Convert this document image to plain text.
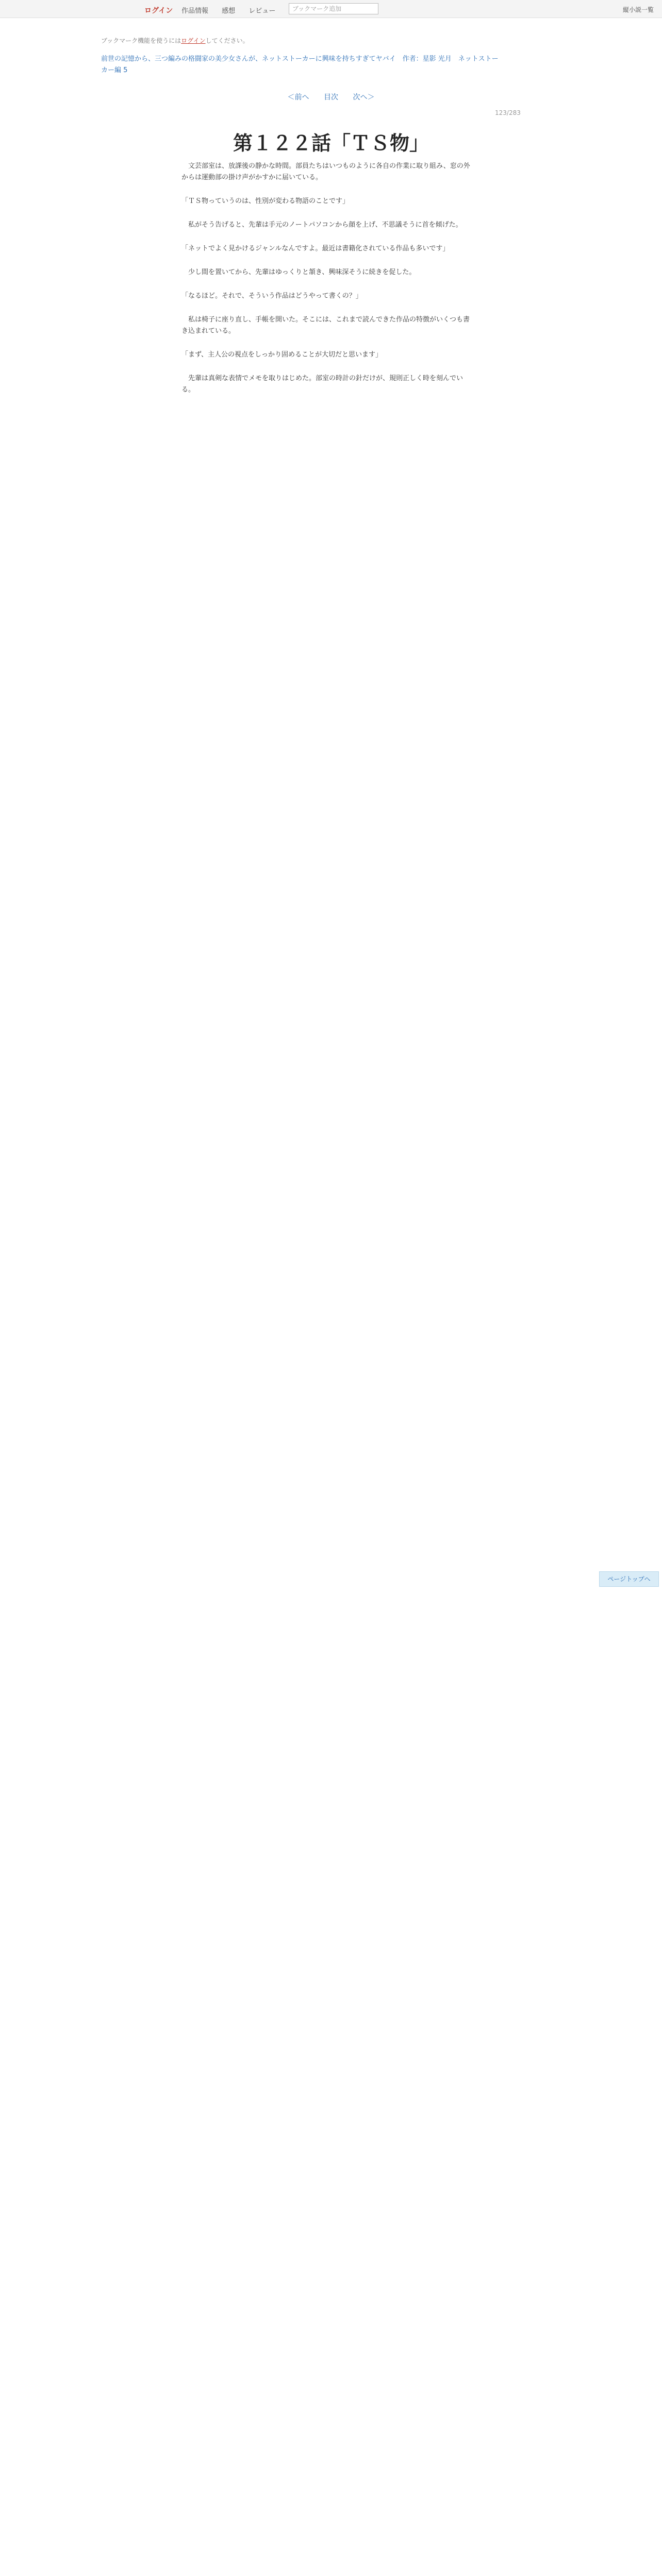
ログイン 作品情報 感想 レビュー	ブックマーク追加	縦小説一覧
ブックマーク機能を使うにはログインしてください。
前世の記憶から、三つ編みの格闘家の美少女さんが、ネットストーカーに興味を持ちすぎてヤバイ　作者：星影 光月　ネットストーカー編 5
＜前へ 目次 次へ＞
123/283
第１２２話「ＴＳ物」

　文芸部室は、放課後の静かな時間。部員たちはいつものように各自の作業に取り組み、窓の外からは運動部の掛け声がかすかに届いている。

「ＴＳ物っていうのは、性別が変わる物語のことです」

　私がそう告げると、先輩は手元のノートパソコンから顔を上げ、不思議そうに首を傾げた。

「ネットでよく見かけるジャンルなんですよ。最近は書籍化されている作品も多いです」

　少し間を置いてから、先輩はゆっくりと頷き、興味深そうに続きを促した。

「なるほど。それで、そういう作品はどうやって書くの？」

　私は椅子に座り直し、手帳を開いた。そこには、これまで読んできた作品の特徴がいくつも書き込まれている。

「まず、主人公の視点をしっかり固めることが大切だと思います」

　先輩は真剣な表情でメモを取りはじめた。部室の時計の針だけが、規則正しく時を刻んでいる。

ページトップへ
